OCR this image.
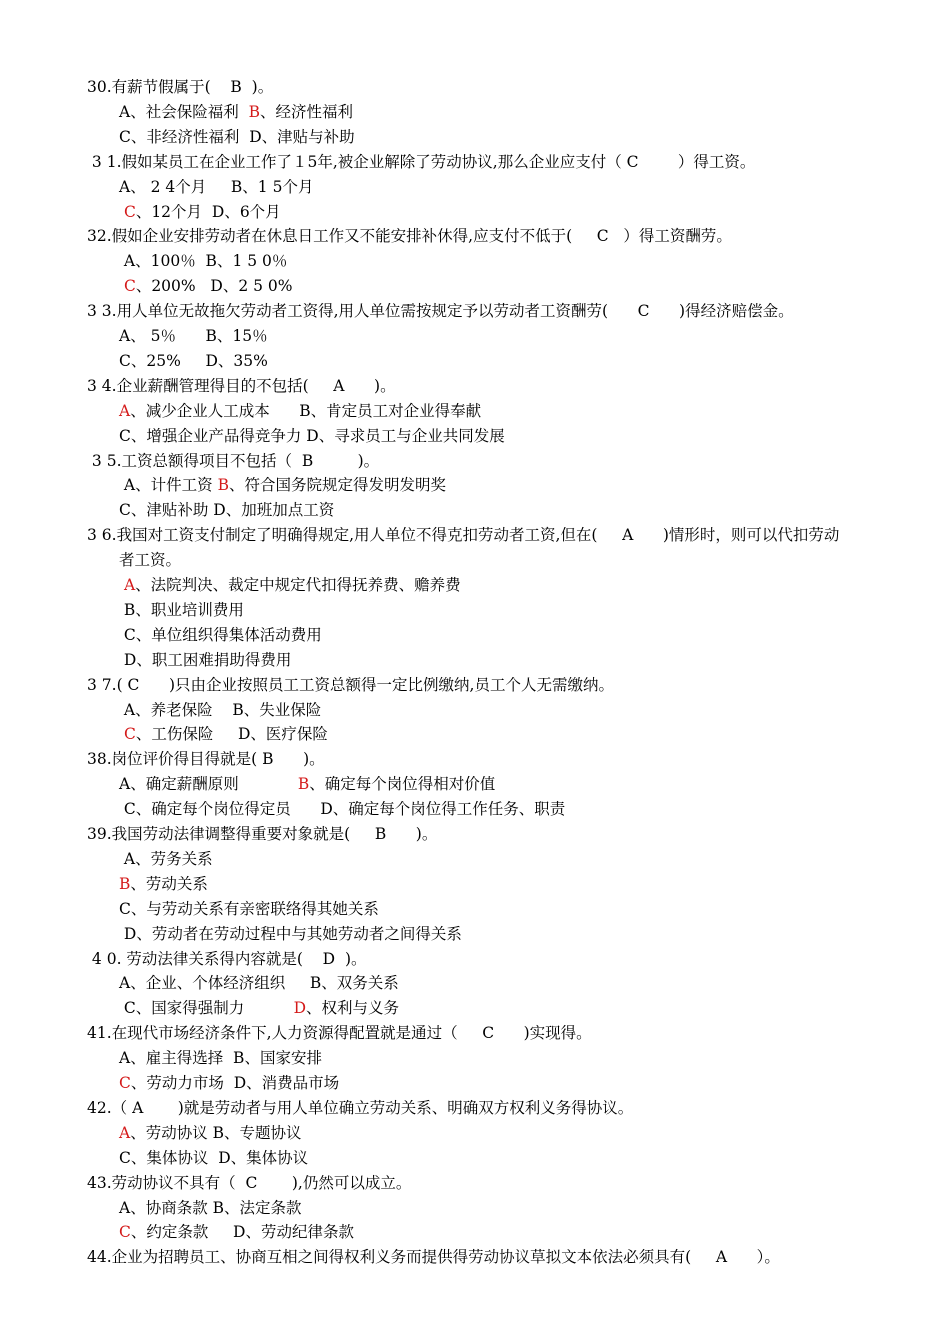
30.有薪节假属于(    B  )。
A、社会保险福利  B、经济性福利
C、非经济性福利  D、津贴与补助
3 1.假如某员工在企业工作了１5年,被企业解除了劳动协议,那么企业应支付（ C        ）得工资。
A、 2 4个月     B、1 5个月
C、12个月  D、6个月
32.假如企业安排劳动者在休息日工作又不能安排补休得,应支付不低于(     C   ）得工资酬劳。
A、100％  B、1 5 0％
C、200%   D、2 5 0%
3 3.用人单位无故拖欠劳动者工资得,用人单位需按规定予以劳动者工资酬劳(      C      )得经济赔偿金。
A、 5％      B、15％
C、25%     D、35%
3 4.企业薪酬管理得目的不包括(     A      )。
A、减少企业人工成本      B、肯定员工对企业得奉献
C、增强企业产品得竞争力 D、寻求员工与企业共同发展
3 5.工资总额得项目不包括（  B         )。
A、计件工资 B、符合国务院规定得发明发明奖
C、津贴补助 D、加班加点工资
3 6.我国对工资支付制定了明确得规定,用人单位不得克扣劳动者工资,但在(     A      )情形时，则可以代扣劳动
者工资。
A、法院判决、裁定中规定代扣得抚养费、赡养费
B、职业培训费用
C、单位组织得集体活动费用
D、职工困难捐助得费用
3 7.( C      )只由企业按照员工工资总额得一定比例缴纳,员工个人无需缴纳。
A、养老保险    B、失业保险
C、工伤保险     D、医疗保险
38.岗位评价得目得就是( B      )。
A、确定薪酬原则            B、确定每个岗位得相对价值
C、确定每个岗位得定员      D、确定每个岗位得工作任务、职责
39.我国劳动法律调整得重要对象就是(     B      )。
A、劳务关系
B、劳动关系
C、与劳动关系有亲密联络得其她关系
D、劳动者在劳动过程中与其她劳动者之间得关系
4 0. 劳动法律关系得内容就是(    D  )。
A、企业、个体经济组织     B、双务关系
C、国家得强制力          D、权利与义务
41.在现代市场经济条件下,人力资源得配置就是通过（     C      )实现得。
A、雇主得选择  B、国家安排
C、劳动力市场  D、消费品市场
42.（ A       )就是劳动者与用人单位确立劳动关系、明确双方权利义务得协议。
A、劳动协议 B、专题协议
C、集体协议  D、集体协议
43.劳动协议不具有（  C       ),仍然可以成立。
A、协商条款 B、法定条款
C、约定条款     D、劳动纪律条款
44.企业为招聘员工、协商互相之间得权利义务而提供得劳动协议草拟文本依法必须具有(     A      ）。
